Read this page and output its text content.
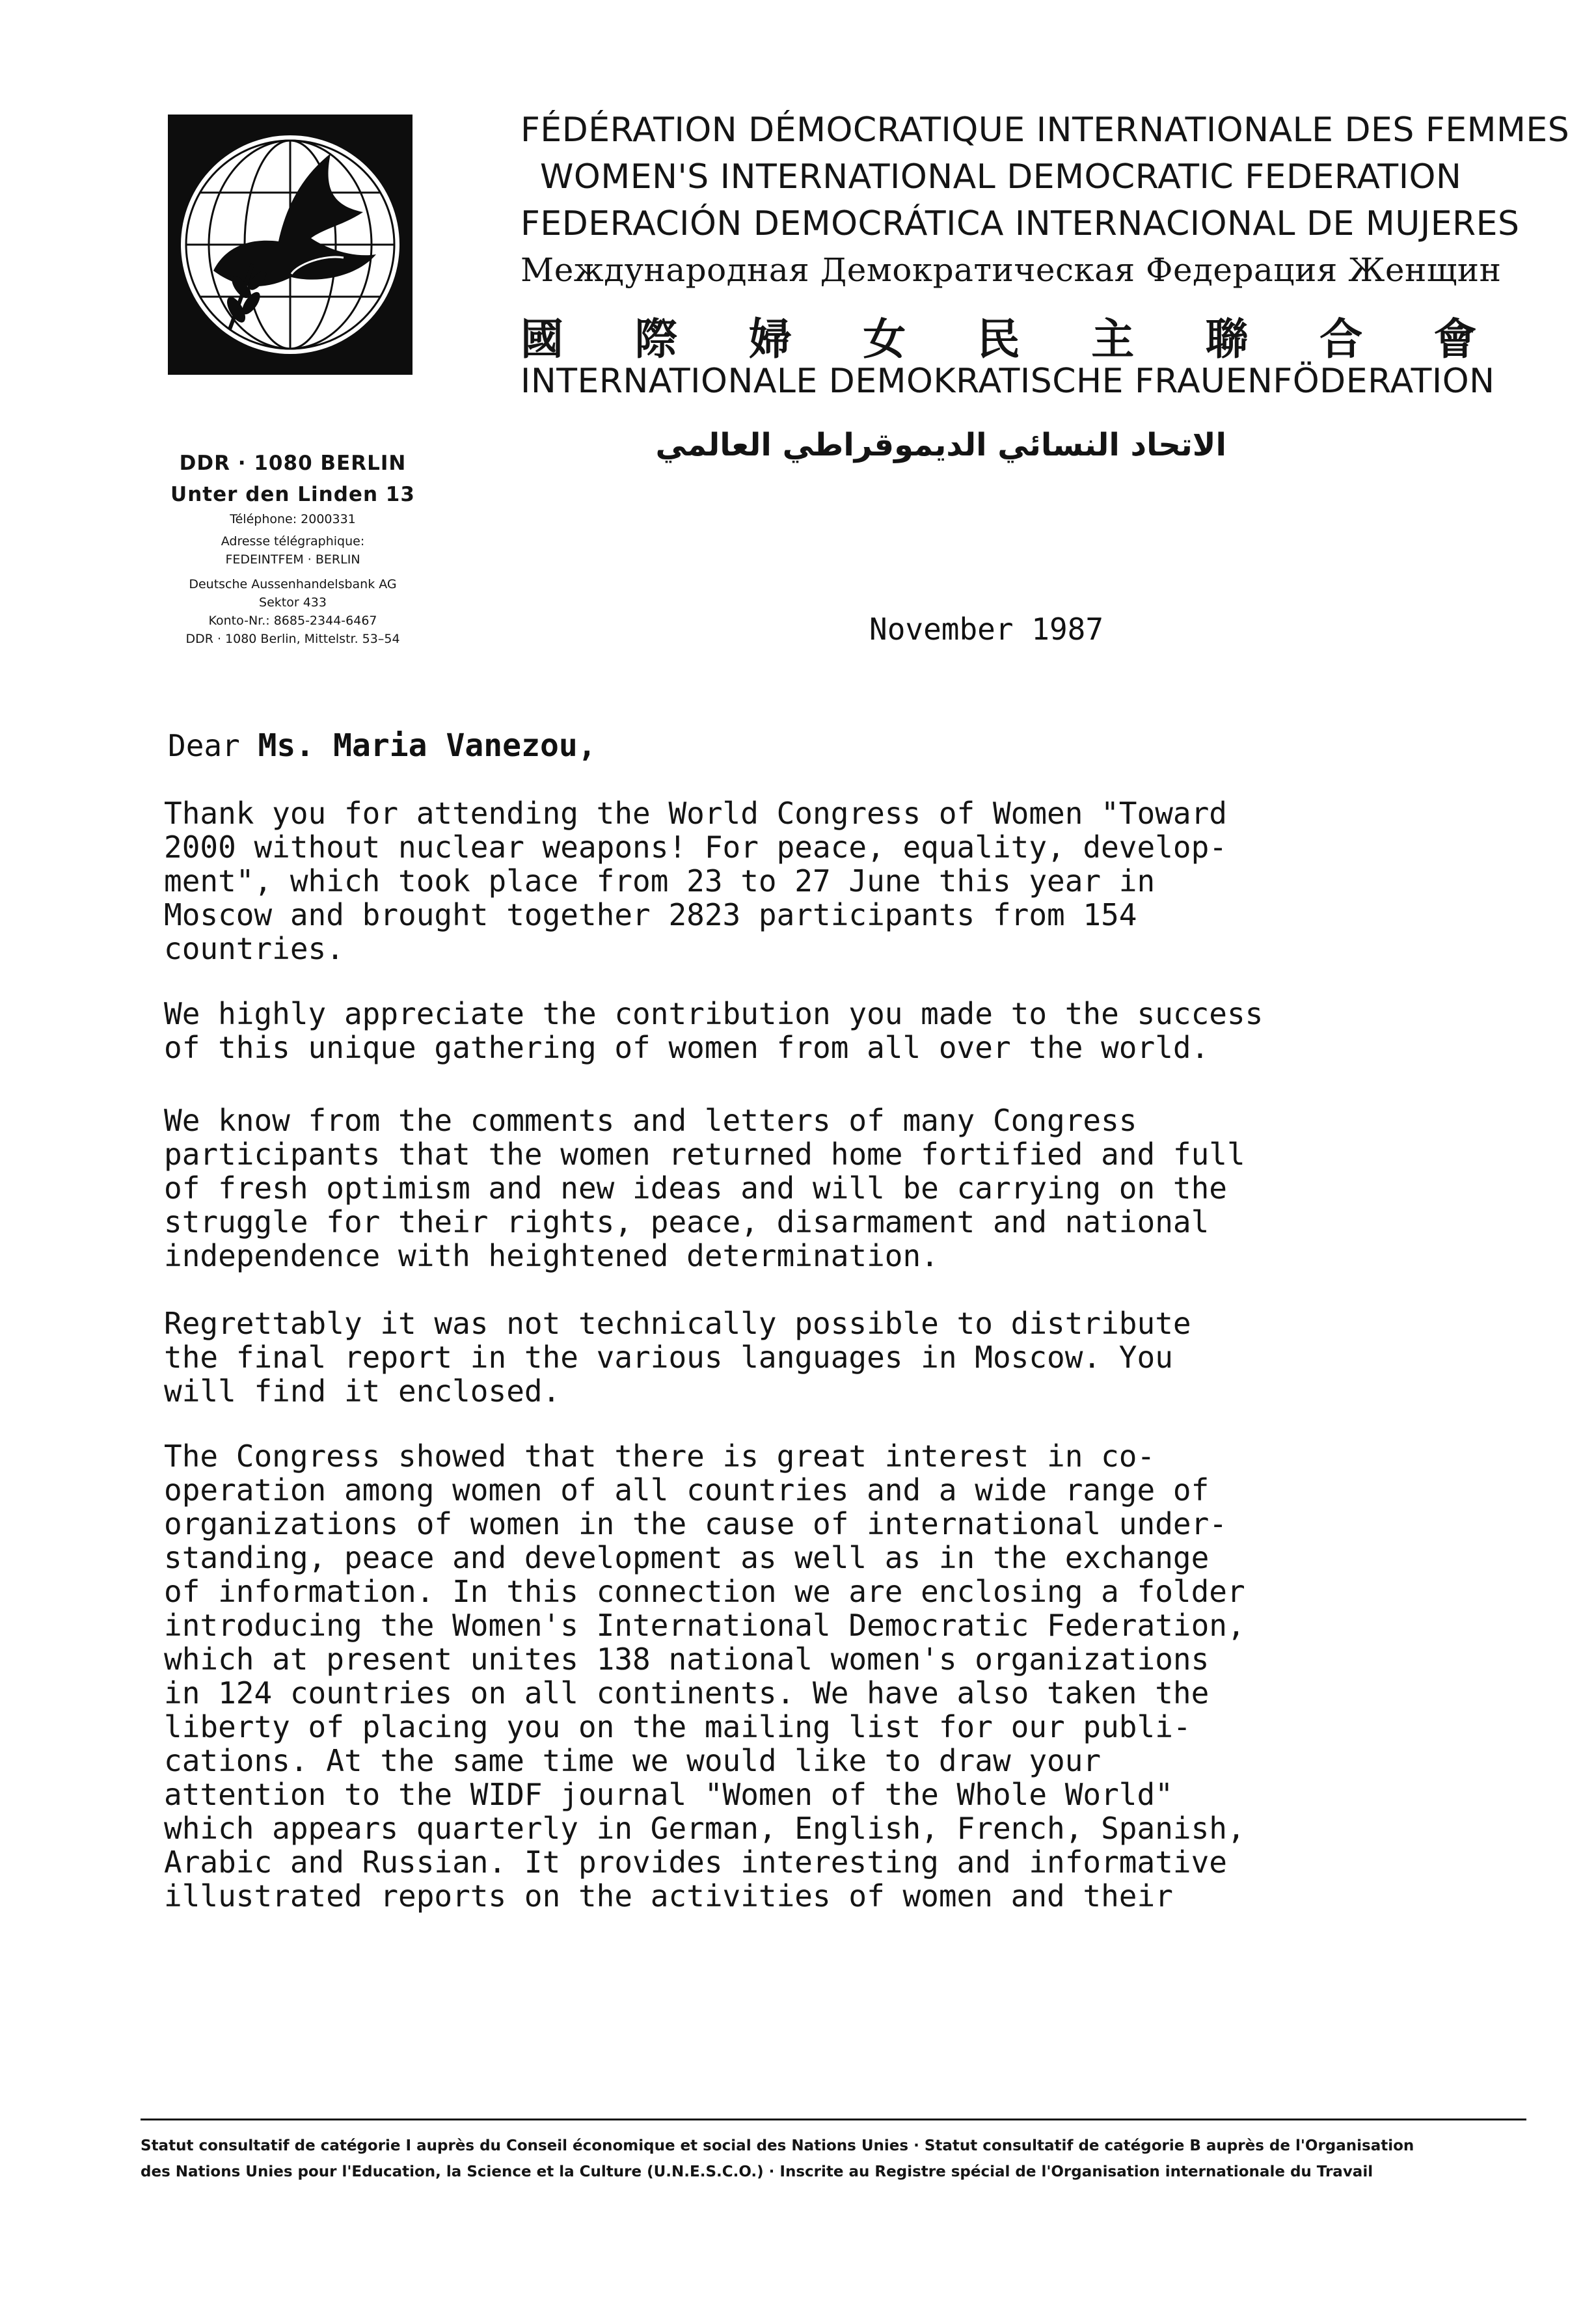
FÉDÉRATION DÉMOCRATIQUE INTERNATIONALE DES FEMMES
WOMEN'S INTERNATIONAL DEMOCRATIC FEDERATION
FEDERACIÓN DEMOCRÁTICA INTERNACIONAL DE MUJERES
Международная Демократическая Федерация Женщин
國 際 婦 女 民 主 聯 合 會
INTERNATIONALE DEMOKRATISCHE FRAUENFÖDERATION
الاتحاد النسائي الديموقراطي العالمي
DDR · 1080 BERLIN
Unter den Linden 13
Téléphone: 2000331
Adresse télégraphique:
FEDEINTFEM · BERLIN
Deutsche Aussenhandelsbank AG
Sektor 433
Konto-Nr.: 8685-2344-6467
DDR · 1080 Berlin, Mittelstr. 53–54	November 1987
Dear Ms. Maria Vanezou,
Thank you for attending the World Congress of Women "Toward
2000 without nuclear weapons! For peace, equality, develop-
ment", which took place from 23 to 27 June this year in
Moscow and brought together 2823 participants from 154
countries.
We highly appreciate the contribution you made to the success
of this unique gathering of women from all over the world.
We know from the comments and letters of many Congress
participants that the women returned home fortified and full
of fresh optimism and new ideas and will be carrying on the
struggle for their rights, peace, disarmament and national
independence with heightened determination.
Regrettably it was not technically possible to distribute
the final report in the various languages in Moscow. You
will find it enclosed.
The Congress showed that there is great interest in co-
operation among women of all countries and a wide range of
organizations of women in the cause of international under-
standing, peace and development as well as in the exchange
of information. In this connection we are enclosing a folder
introducing the Women's International Democratic Federation,
which at present unites 138 national women's organizations
in 124 countries on all continents. We have also taken the
liberty of placing you on the mailing list for our publi-
cations. At the same time we would like to draw your
attention to the WIDF journal "Women of the Whole World"
which appears quarterly in German, English, French, Spanish,
Arabic and Russian. It provides interesting and informative
illustrated reports on the activities of women and their
Statut consultatif de catégorie I auprès du Conseil économique et social des Nations Unies · Statut consultatif de catégorie B auprès de l'Organisation
des Nations Unies pour l'Education, la Science et la Culture (U.N.E.S.C.O.) · Inscrite au Registre spécial de l'Organisation internationale du Travail
